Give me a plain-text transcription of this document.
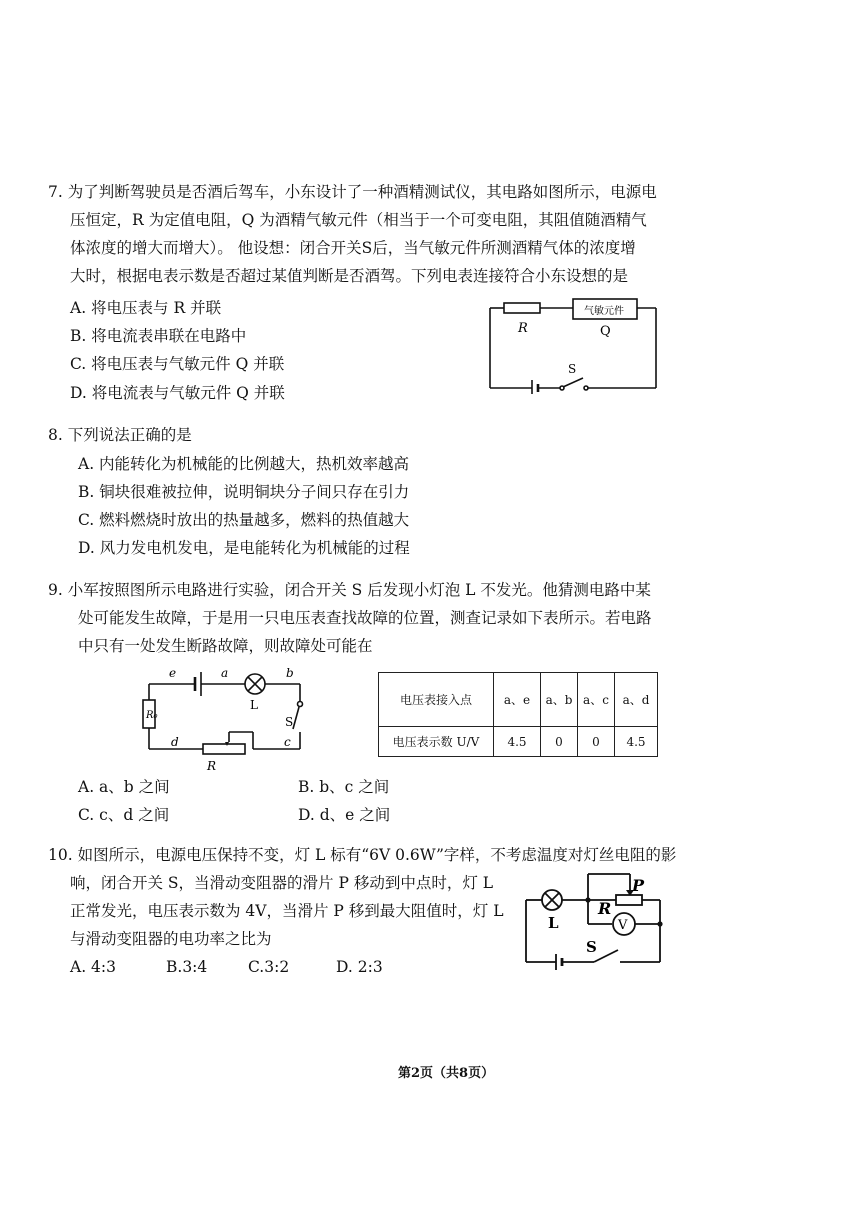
7. 为了判断驾驶员是否酒后驾车，小东设计了一种酒精测试仪，其电路如图所示，电源电
压恒定，R 为定值电阻，Q 为酒精气敏元件（相当于一个可变电阻，其阻值随酒精气
体浓度的增大而增大）。 他设想：闭合开关S后，当气敏元件所测酒精气体的浓度增
大时，根据电表示数是否超过某值判断是否酒驾。下列电表连接符合小东设想的是
A. 将电压表与 R 并联
B. 将电流表串联在电路中
C. 将电压表与气敏元件 Q 并联
D. 将电流表与气敏元件 Q 并联
R
气敏元件
Q
S
8. 下列说法正确的是
A. 内能转化为机械能的比例越大，热机效率越高
B. 铜块很难被拉伸，说明铜块分子间只存在引力
C. 燃料燃烧时放出的热量越多，燃料的热值越大
D. 风力发电机发电，是电能转化为机械能的过程
9. 小军按照图所示电路进行实验，闭合开关 S 后发现小灯泡 L 不发光。他猜测电路中某
处可能发生故障，于是用一只电压表查找故障的位置，测查记录如下表所示。若电路
中只有一处发生断路故障，则故障处可能在
e	a	b
L
S
R₀
d	c
R
电压表接入点	a、e	a、b	a、c	a、d
电压表示数 U/V	4.5	0	0	4.5
A. a、b 之间	B. b、c 之间
C. c、d 之间	D. d、e 之间
10. 如图所示，电源电压保持不变，灯 L 标有“6V 0.6W”字样，不考虑温度对灯丝电阻的影
响，闭合开关 S，当滑动变阻器的滑片 P 移动到中点时，灯 L
正常发光，电压表示数为 4V，当滑片 P 移到最大阻值时，灯 L
与滑动变阻器的电功率之比为
A. 4:3	B.3:4	C.3:2	D. 2:3
P
R
L	V
S
第2页（共8页）
